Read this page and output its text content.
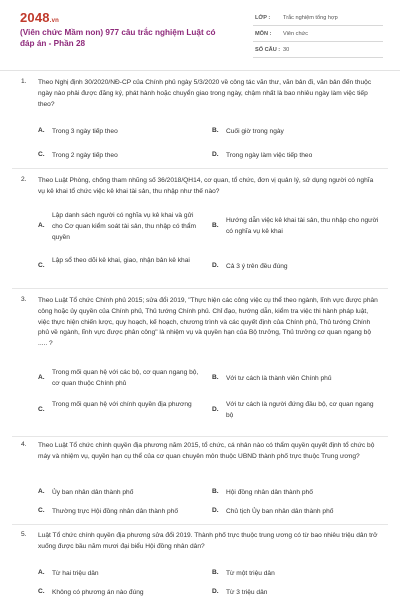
2048.vn
(Viên chức Mầm non) 977 câu trắc nghiệm Luật có đáp án - Phần 28
LỚP : Trắc nghiệm tổng hợp
MÔN : Viên chức
SỐ CÂU : 30
1. Theo Nghị định 30/2020/NĐ-CP của Chính phủ ngày 5/3/2020 về công tác văn thư, văn bản đi, văn bản đến thuộc ngày nào phải được đăng ký, phát hành hoặc chuyển giao trong ngày, chậm nhất là bao nhiêu ngày làm việc tiếp theo?
A. Trong 3 ngày tiếp theo	B. Cuối giờ trong ngày
C. Trong 2 ngày tiếp theo	D. Trong ngày làm việc tiếp theo
2. Theo Luật Phòng, chống tham nhũng số 36/2018/QH14, cơ quan, tổ chức, đơn vị quản lý, sử dụng người có nghĩa vụ kê khai tổ chức việc kê khai tài sản, thu nhập như thế nào?
A.
Lập danh sách người có nghĩa vụ kê khai và gửi cho Cơ quan kiểm soát tài sản, thu nhập có thẩm quyền
B.
Hướng dẫn việc kê khai tài sản, thu nhập cho người có nghĩa vụ kê khai
C.
Lập sổ theo dõi kê khai, giao, nhận bản kê khai
D. Cả 3 ý trên đều đúng
3. Theo Luật Tổ chức Chính phủ 2015; sửa đổi 2019, "Thực hiện các công việc cụ thể theo ngành, lĩnh vực được phân công hoặc ủy quyền của Chính phủ, Thủ tướng Chính phủ. Chỉ đạo, hướng dẫn, kiểm tra việc thi hành pháp luật, việc thực hiện chiến lược, quy hoạch, kế hoạch, chương trình và các quyết định của Chính phủ, Thủ tướng Chính phủ về ngành, lĩnh vực được phân công" là nhiệm vụ và quyền hạn của Bộ trưởng, Thủ trưởng cơ quan ngang bộ ..... ?
A.
Trong mối quan hệ với các bộ, cơ quan ngang bộ, cơ quan thuộc Chính phủ
B. Với tư cách là thành viên Chính phủ
C.
Trong mối quan hệ với chính quyền địa phương
D.
Với tư cách là người đứng đầu bộ, cơ quan ngang bộ
4. Theo Luật Tổ chức chính quyền địa phương năm 2015, tổ chức, cá nhân nào có thẩm quyền quyết định tổ chức bộ máy và nhiệm vụ, quyền hạn cụ thể của cơ quan chuyên môn thuộc UBND thành phố trực thuộc Trung ương?
A. Ủy ban nhân dân thành phố	B. Hội đồng nhân dân thành phố
C. Thường trực Hội đồng nhân dân thành phố	D. Chủ tịch Ủy ban nhân dân thành phố
5. Luật Tổ chức chính quyền địa phương sửa đổi 2019. Thành phố trực thuộc trung ương có từ bao nhiêu triệu dân trở xuống được bầu năm mươi đại biểu Hội đồng nhân dân?
A. Từ hai triệu dân	B. Từ một triệu dân
C. Không có phương án nào đúng	D. Từ 3 triệu dân
